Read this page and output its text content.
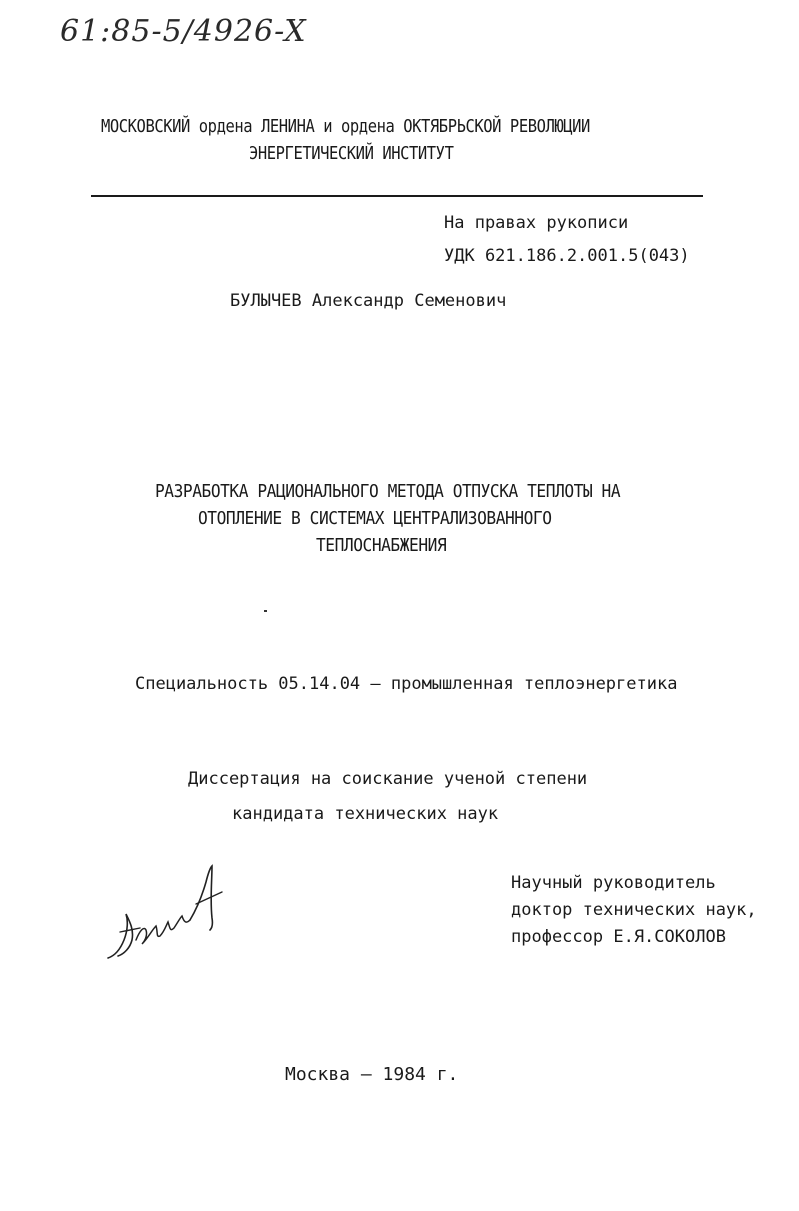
61:85-5/4926-X
МОСКОВСКИЙ ордена ЛЕНИНА и ордена ОКТЯБРЬСКОЙ РЕВОЛЮЦИИ
ЭНЕРГЕТИЧЕСКИЙ ИНСТИТУТ
На правах рукописи
УДК 621.186.2.001.5(043)
БУЛЫЧЕВ Александр Семенович
РАЗРАБОТКА РАЦИОНАЛЬНОГО МЕТОДА ОТПУСКА ТЕПЛОТЫ НА
ОТОПЛЕНИЕ В СИСТЕМАХ ЦЕНТРАЛИЗОВАННОГО
ТЕПЛОСНАБЖЕНИЯ
Специальность 05.14.04 – промышленная теплоэнергетика
Диссертация на соискание ученой степени
кандидата технических наук
Научный руководитель
доктор технических наук,
профессор Е.Я.СОКОЛОВ
Москва – 1984 г.
